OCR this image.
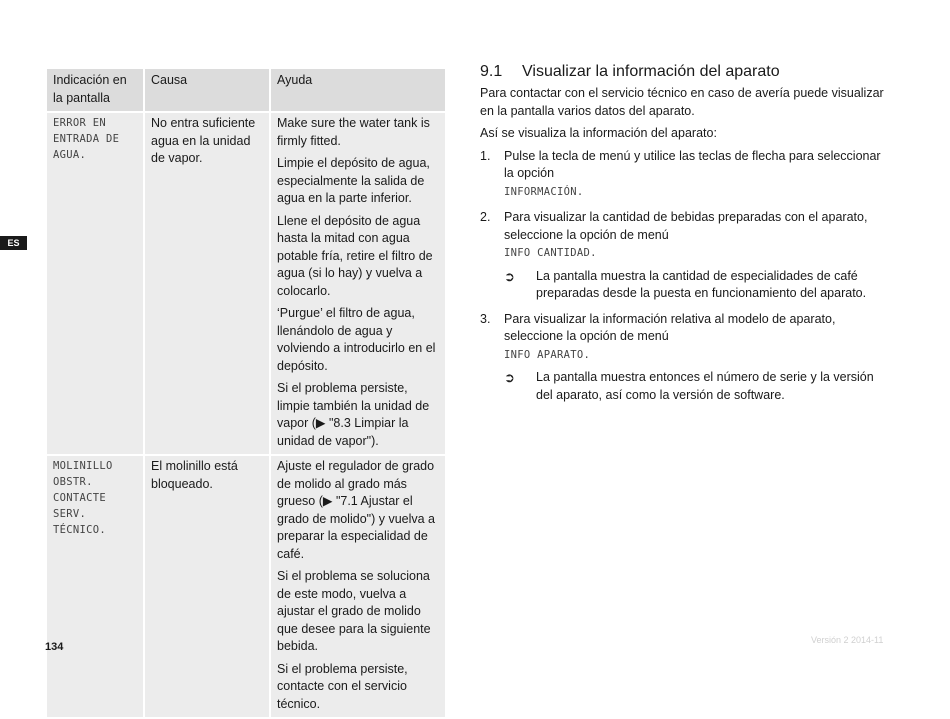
ES
Indicación en la pantalla	Causa	Ayuda
ERROR EN ENTRADA DE AGUA.	No entra suficiente agua en la unidad de vapor.	Make sure the water tank is firmly fitted.

Limpie el depósito de agua, especialmente la salida de agua en la parte inferior.

Llene el depósito de agua hasta la mitad con agua potable fría, retire el filtro de agua (si lo hay) y vuelva a colocarlo.

‘Purgue’ el filtro de agua, llenándolo de agua y volviendo a introducirlo en el depósito.

Si el problema persiste, limpie también la unidad de vapor (▶ "8.3 Limpiar la unidad de vapor").

MOLINILLO OBSTR. CONTACTE SERV. TÉCNICO.	El molinillo está bloqueado.	Ajuste el regulador de grado de molido al grado más grueso (▶ "7.1 Ajustar el grado de molido") y vuelva a preparar la especialidad de café.

Si el problema se soluciona de este modo, vuelva a ajustar el grado de molido que desee para la siguiente bebida.

Si el problema persiste, contacte con el servicio técnico.

9.1	Visualizar la información del aparato

Para contactar con el servicio técnico en caso de avería puede visualizar en la pantalla varios datos del aparato.

Así se visualiza la información del aparato:

1. Pulse la tecla de menú y utilice las teclas de flecha para seleccionar la opción
INFORMACIÓN.
2. Para visualizar la cantidad de bebidas preparadas con el aparato, seleccione la opción de menú
INFO CANTIDAD.
➲ La pantalla muestra la cantidad de especialidades de café preparadas desde la puesta en funcionamiento del aparato.
3. Para visualizar la información relativa al modelo de aparato, seleccione la opción de menú
INFO APARATO.
➲ La pantalla muestra entonces el número de serie y la versión del aparato, así como la versión de software.
134
Versión 2 2014-11
